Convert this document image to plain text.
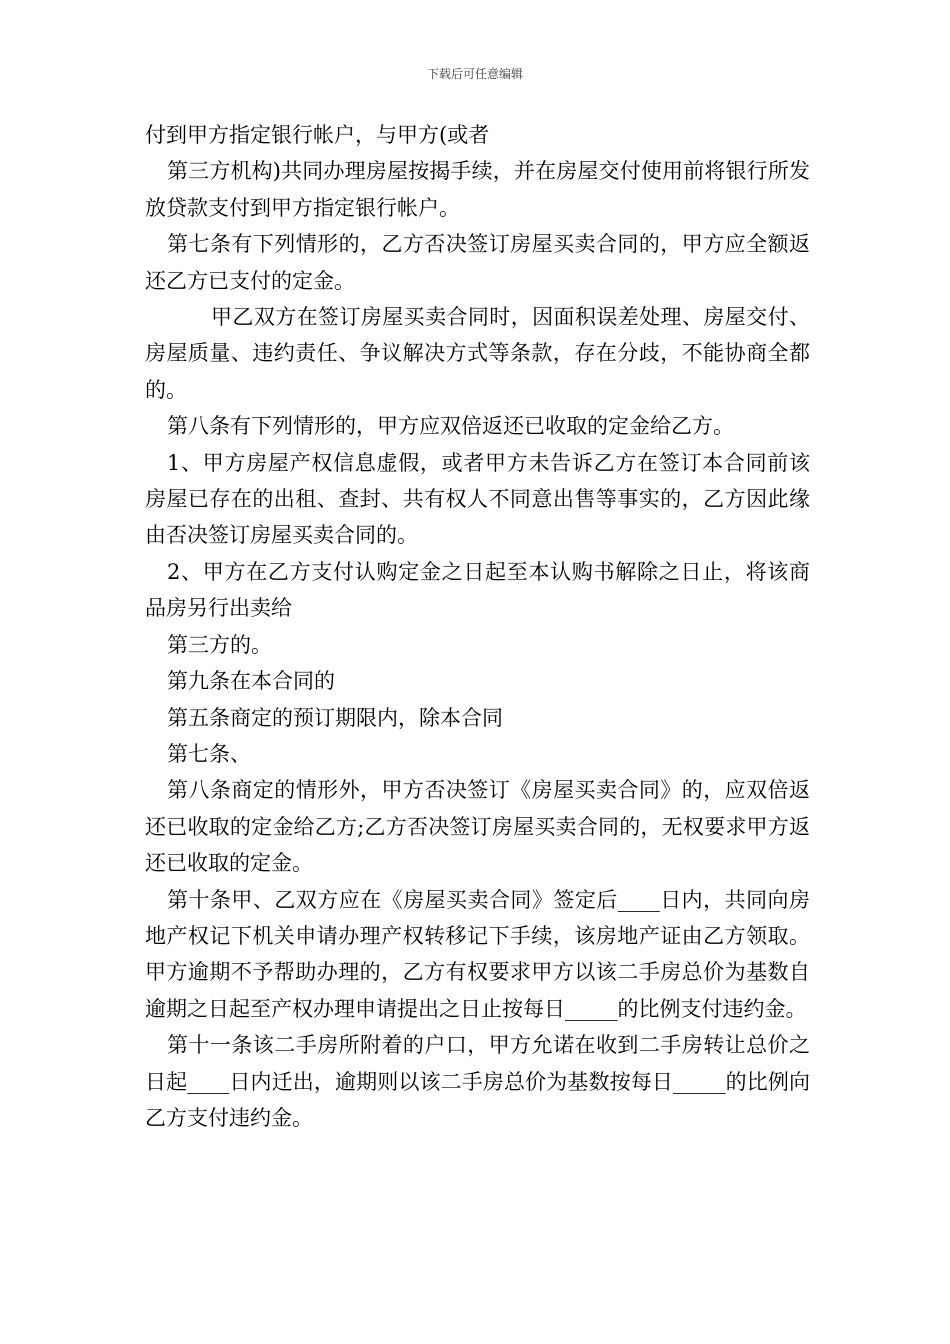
下载后可任意编辑

付到甲方指定银行帐户，与甲方(或者

第三方机构)共同办理房屋按揭手续，并在房屋交付使用前将银行所发放贷款支付到甲方指定银行帐户。

第七条有下列情形的，乙方否决签订房屋买卖合同的，甲方应全额返还乙方已支付的定金。

甲乙双方在签订房屋买卖合同时，因面积误差处理、房屋交付、房屋质量、违约责任、争议解决方式等条款，存在分歧，不能协商全都的。

第八条有下列情形的，甲方应双倍返还已收取的定金给乙方。

1、甲方房屋产权信息虚假，或者甲方未告诉乙方在签订本合同前该房屋已存在的出租、查封、共有权人不同意出售等事实的，乙方因此缘由否决签订房屋买卖合同的。

2、甲方在乙方支付认购定金之日起至本认购书解除之日止，将该商品房另行出卖给

第三方的。

第九条在本合同的

第五条商定的预订期限内，除本合同

第七条、

第八条商定的情形外，甲方否决签订《房屋买卖合同》的，应双倍返还已收取的定金给乙方;乙方否决签订房屋买卖合同的，无权要求甲方返还已收取的定金。

第十条甲、乙双方应在《房屋买卖合同》签定后____日内，共同向房地产权记下机关申请办理产权转移记下手续，该房地产证由乙方领取。甲方逾期不予帮助办理的，乙方有权要求甲方以该二手房总价为基数自逾期之日起至产权办理申请提出之日止按每日_____的比例支付违约金。

第十一条该二手房所附着的户口，甲方允诺在收到二手房转让总价之日起____日内迁出，逾期则以该二手房总价为基数按每日_____的比例向乙方支付违约金。
